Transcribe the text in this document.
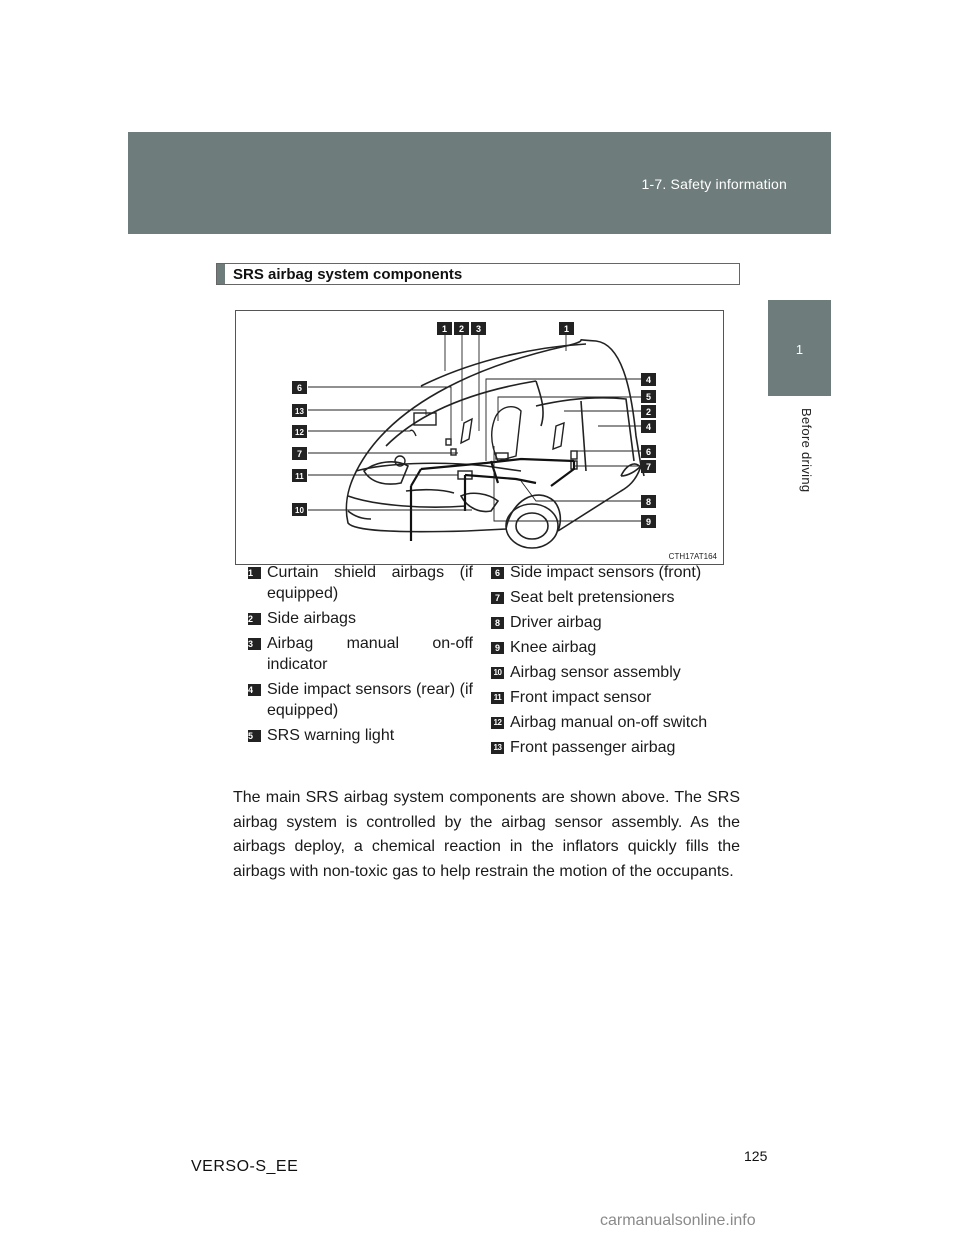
1-7. Safety information
1
Before driving
SRS airbag system components
1 2 3	1
6
13
12
7
11
10
4
5
2
4
6
7
8
9
CTH17AT164
1 Curtain shield airbags (if equipped)
2 Side airbags
3 Airbag manual on-off indicator
4 Side impact sensors (rear) (if equipped)
5 SRS warning light
6 Side impact sensors (front)
7 Seat belt pretensioners
8 Driver airbag
9 Knee airbag
10 Airbag sensor assembly
11 Front impact sensor
12 Airbag manual on-off switch
13 Front passenger airbag

The main SRS airbag system components are shown above. The SRS airbag system is controlled by the airbag sensor assembly. As the airbags deploy, a chemical reaction in the inflators quickly fills the airbags with non-toxic gas to help restrain the motion of the occupants.

125
VERSO-S_EE
carmanualsonline.info
